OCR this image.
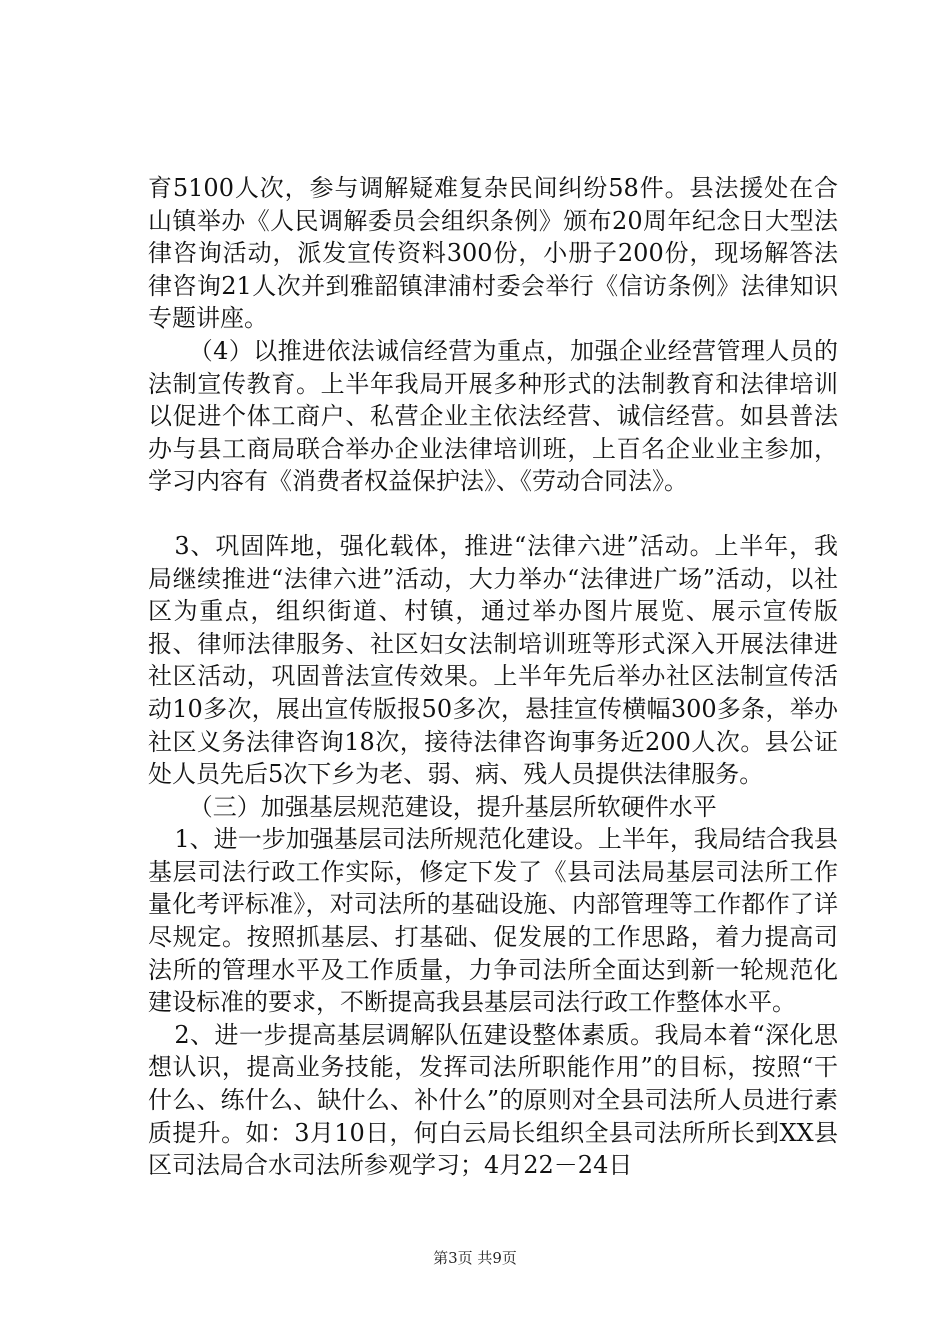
育5100人次，参与调解疑难复杂民间纠纷58件。县法援处在合山镇举办《人民调解委员会组织条例》颁布20周年纪念日大型法律咨询活动，派发宣传资料300份，小册子200份，现场解答法律咨询21人次并到雅韶镇津浦村委会举行《信访条例》法律知识专题讲座。

（4）以推进依法诚信经营为重点，加强企业经营管理人员的法制宣传教育。上半年我局开展多种形式的法制教育和法律培训以促进个体工商户、私营企业主依法经营、诚信经营。如县普法办与县工商局联合举办企业法律培训班，上百名企业业主参加，学习内容有《消费者权益保护法》、《劳动合同法》。

3、巩固阵地，强化载体，推进“法律六进”活动。上半年，我局继续推进“法律六进”活动，大力举办“法律进广场”活动，以社区为重点，组织街道、村镇，通过举办图片展览、展示宣传版报、律师法律服务、社区妇女法制培训班等形式深入开展法律进社区活动，巩固普法宣传效果。上半年先后举办社区法制宣传活动10多次，展出宣传版报50多次，悬挂宣传横幅300多条，举办社区义务法律咨询18次，接待法律咨询事务近200人次。县公证处人员先后5次下乡为老、弱、病、残人员提供法律服务。

（三）加强基层规范建设，提升基层所软硬件水平

1、进一步加强基层司法所规范化建设。上半年，我局结合我县基层司法行政工作实际，修定下发了《县司法局基层司法所工作量化考评标准》，对司法所的基础设施、内部管理等工作都作了详尽规定。按照抓基层、打基础、促发展的工作思路，着力提高司法所的管理水平及工作质量，力争司法所全面达到新一轮规范化建设标准的要求，不断提高我县基层司法行政工作整体水平。

2、进一步提高基层调解队伍建设整体素质。我局本着“深化思想认识，提高业务技能，发挥司法所职能作用”的目标，按照“干什么、练什么、缺什么、补什么”的原则对全县司法所人员进行素质提升。如：3月10日，何白云局长组织全县司法所所长到XX县区司法局合水司法所参观学习；4月22－24日

第3页 共9页
